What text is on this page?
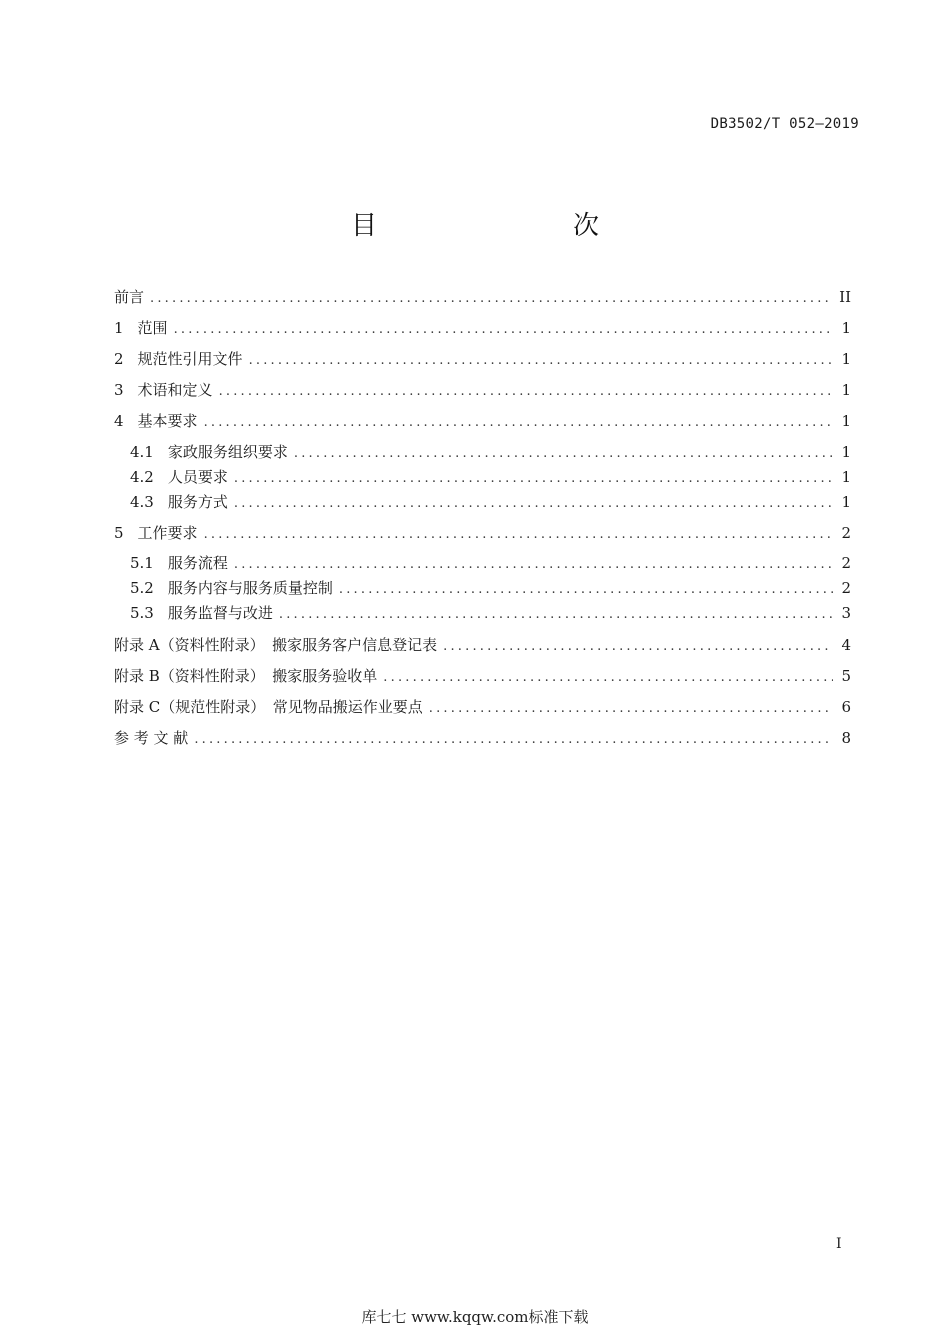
DB3502/T 052—2019
目　　次
前言 .....	II
1 范围 .....	1
2 规范性引用文件 .....	1
3 术语和定义 .....	1
4 基本要求 .....	1
4.1 家政服务组织要求 .....	1
4.2 人员要求 .....	1
4.3 服务方式 .....	1
5 工作要求 .....	2
5.1 服务流程 .....	2
5.2 服务内容与服务质量控制 .....	2
5.3 服务监督与改进 .....	3
附录 A（资料性附录）　搬家服务客户信息登记表 .....	4
附录 B（资料性附录）　搬家服务验收单 .....	5
附录 C（规范性附录）　常见物品搬运作业要点 .....	6
参 考 文 献 .....	8
I
库七七 www.kqqw.com标准下载
